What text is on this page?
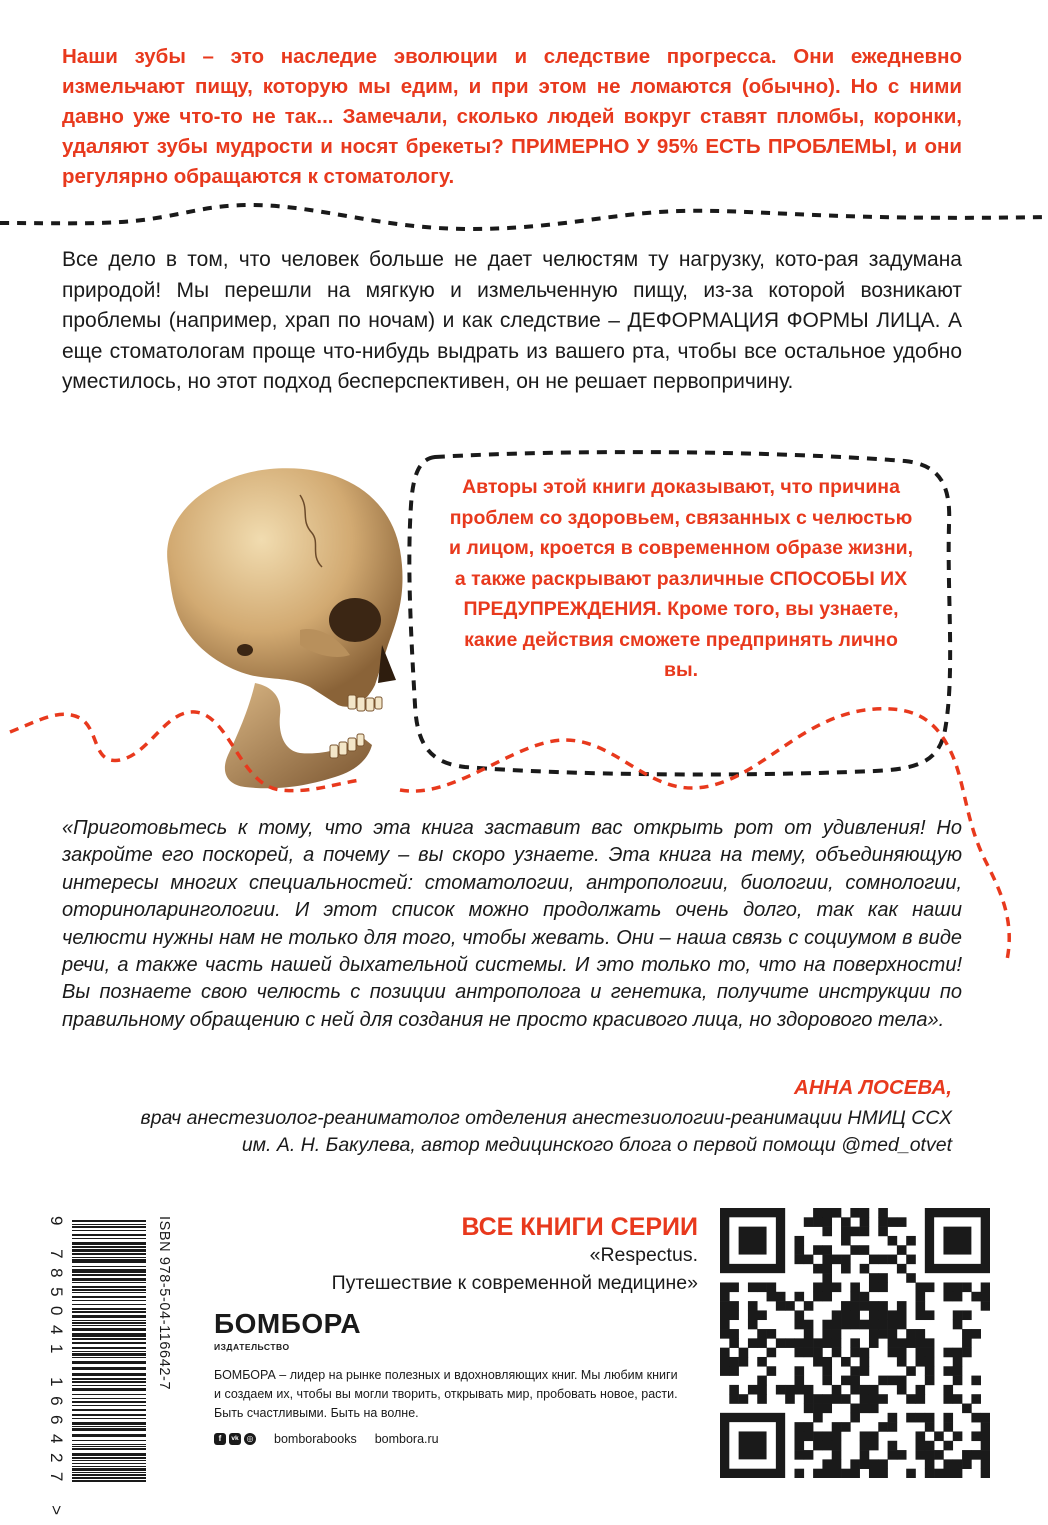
Наши зубы – это наследие эволюции и следствие прогресса. Они ежедневно измельчают пищу, которую мы едим, и при этом не ломаются (обычно). Но с ними давно уже что-то не так... Замечали, сколько людей вокруг ставят пломбы, коронки, удаляют зубы мудрости и носят брекеты? ПРИМЕРНО У 95% ЕСТЬ ПРОБЛЕМЫ, и они регулярно обращаются к стоматологу.
Все дело в том, что человек больше не дает челюстям ту нагрузку, кото-рая задумана природой! Мы перешли на мягкую и измельченную пищу, из-за которой возникают проблемы (например, храп по ночам) и как следствие – ДЕФОРМАЦИЯ ФОРМЫ ЛИЦА. А еще стоматологам проще что-нибудь выдрать из вашего рта, чтобы все остальное удобно уместилось, но этот подход бесперспективен, он не решает первопричину.
Авторы этой книги доказывают, что причина проблем со здоровьем, связанных с челюстью и лицом, кроется в современном образе жизни, а также раскрывают различные СПОСОБЫ ИХ ПРЕДУПРЕЖДЕНИЯ. Кроме того, вы узнаете, какие действия сможете предпринять лично вы.
«Приготовьтесь к тому, что эта книга заставит вас открыть рот от удивления! Но закройте его поскорей, а почему – вы скоро узнаете. Эта книга на тему, объединяющую интересы многих специальностей: стоматологии, антропологии, биологии, сомнологии, оториноларингологии. И этот список можно продолжать очень долго, так как наши челюсти нужны нам не только для того, чтобы жевать. Они – наша связь с социумом в виде речи, а также часть нашей дыхательной системы. И это только то, что на поверхности! Вы познаете свою челюсть с позиции антрополога и генетика, получите инструкции по правильному обращению с ней для создания не просто красивого лица, но здорового тела».
АННА ЛОСЕВА,
врач анестезиолог-реаниматолог отделения анестезиологии-реанимации НМИЦ ССХ
им. А. Н. Бакулева, автор медицинского блога о первой помощи @med_otvet
9 785041 166427 >	ISBN 978-5-04-116642-7	ВСЕ КНИГИ СЕРИИ
«Respectus.
Путешествие к современной медицине»
БОМБОРА
ИЗДАТЕЛЬСТВО
БОМБОРА – лидер на рынке полезных и вдохновляющих книг. Мы любим книги и создаем их, чтобы вы могли творить, открывать мир, пробовать новое, расти. Быть счастливыми. Быть на волне.
f	vk ◎ bomborabooks bombora.ru
